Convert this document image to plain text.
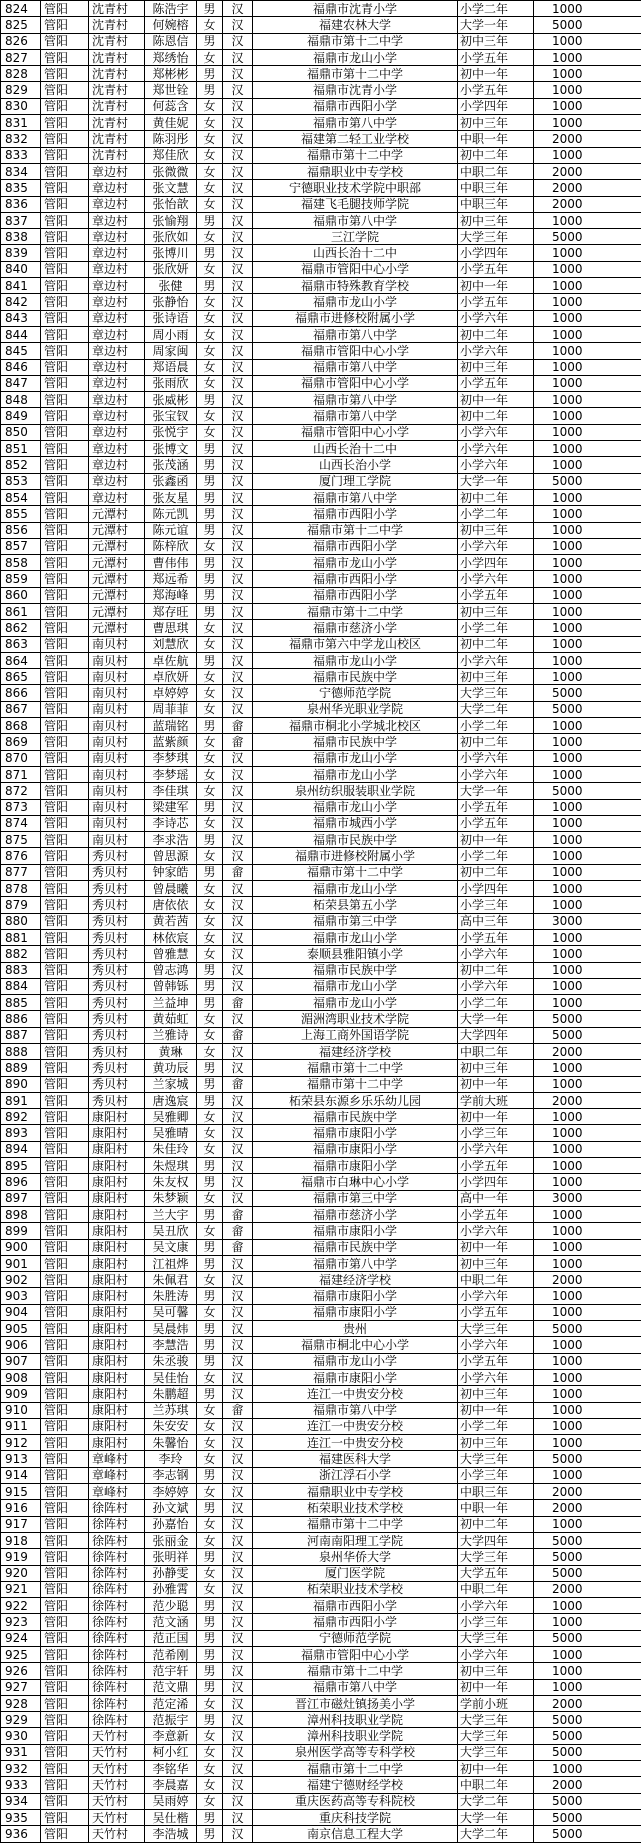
824	管阳	沈青村	陈浩宇	男	汉	福鼎市沈青小学	小学二年	1000
825	管阳	沈青村	何婉榕	女	汉	福建农林大学	大学一年	5000
826	管阳	沈青村	陈恩信	男	汉	福鼎市第十二中学	初中三年	1000
827	管阳	沈青村	郑绣怡	女	汉	福鼎市龙山小学	小学五年	1000
828	管阳	沈青村	郑彬彬	男	汉	福鼎市第十二中学	初中一年	1000
829	管阳	沈青村	郑世铨	男	汉	福鼎市沈青小学	小学五年	1000
830	管阳	沈青村	何蕊含	女	汉	福鼎市西阳小学	小学四年	1000
831	管阳	沈青村	黄佳妮	女	汉	福鼎市第八中学	初中三年	1000
832	管阳	沈青村	陈羽彤	女	汉	福建第二轻工业学校	中职一年	2000
833	管阳	沈青村	郑佳欣	女	汉	福鼎市第十二中学	初中二年	1000
834	管阳	章边村	张微微	女	汉	福鼎职业中专学校	中职二年	2000
835	管阳	章边村	张文慧	女	汉	宁德职业技术学院中职部	中职三年	2000
836	管阳	章边村	张怡歆	女	汉	福建飞毛腿技师学院	中职三年	2000
837	管阳	章边村	张愉翔	男	汉	福鼎市第八中学	初中三年	1000
838	管阳	章边村	张欣如	女	汉	三江学院	大学三年	5000
839	管阳	章边村	张博川	男	汉	山西长治十二中	小学四年	1000
840	管阳	章边村	张欣妍	女	汉	福鼎市管阳中心小学	小学五年	1000
841	管阳	章边村	张健	男	汉	福鼎市特殊教育学校	初中一年	1000
842	管阳	章边村	张静怡	女	汉	福鼎市龙山小学	小学五年	1000
843	管阳	章边村	张诗语	女	汉	福鼎市进修校附属小学	小学六年	1000
844	管阳	章边村	周小雨	女	汉	福鼎市第八中学	初中二年	1000
845	管阳	章边村	周家闽	女	汉	福鼎市管阳中心小学	小学六年	1000
846	管阳	章边村	郑语晨	女	汉	福鼎市第八中学	初中三年	1000
847	管阳	章边村	张雨欣	女	汉	福鼎市管阳中心小学	小学五年	1000
848	管阳	章边村	张威彬	男	汉	福鼎市第八中学	初中一年	1000
849	管阳	章边村	张宝钗	女	汉	福鼎市第八中学	初中二年	1000
850	管阳	章边村	张悦宇	女	汉	福鼎市管阳中心小学	小学六年	1000
851	管阳	章边村	张博文	男	汉	山西长治十二中	小学六年	1000
852	管阳	章边村	张茂涵	男	汉	山西长治小学	小学六年	1000
853	管阳	章边村	张鑫函	男	汉	厦门理工学院	大学一年	5000
854	管阳	章边村	张友星	男	汉	福鼎市第八中学	初中二年	1000
855	管阳	元潭村	陈元凯	男	汉	福鼎市西阳小学	小学二年	1000
856	管阳	元潭村	陈元谊	男	汉	福鼎市第十二中学	初中三年	1000
857	管阳	元潭村	陈梓欣	女	汉	福鼎市西阳小学	小学六年	1000
858	管阳	元潭村	曹伟伟	男	汉	福鼎市龙山小学	小学四年	1000
859	管阳	元潭村	郑远希	男	汉	福鼎市西阳小学	小学六年	1000
860	管阳	元潭村	郑海峰	男	汉	福鼎市西阳小学	小学五年	1000
861	管阳	元潭村	郑存旺	男	汉	福鼎市第十二中学	初中三年	1000
862	管阳	元潭村	曹思琪	女	汉	福鼎市慈济小学	小学二年	1000
863	管阳	南贝村	刘慧欣	女	汉	福鼎市第六中学龙山校区	初中二年	1000
864	管阳	南贝村	卓佐航	男	汉	福鼎市龙山小学	小学六年	1000
865	管阳	南贝村	卓欣妍	女	汉	福鼎市民族中学	初中三年	1000
866	管阳	南贝村	卓婷婷	女	汉	宁德师范学院	大学三年	5000
867	管阳	南贝村	周菲菲	女	汉	泉州华光职业学院	大学二年	5000
868	管阳	南贝村	蓝瑞铭	男	畲	福鼎市桐北小学城北校区	小学二年	1000
869	管阳	南贝村	蓝紫颜	女	畲	福鼎市民族中学	初中二年	1000
870	管阳	南贝村	李梦琪	女	汉	福鼎市龙山小学	小学六年	1000
871	管阳	南贝村	李梦瑶	女	汉	福鼎市龙山小学	小学六年	1000
872	管阳	南贝村	李佳琪	女	汉	泉州纺织服装职业学院	大学一年	5000
873	管阳	南贝村	梁建军	男	汉	福鼎市龙山小学	小学五年	1000
874	管阳	南贝村	李诗芯	女	汉	福鼎市城西小学	小学五年	1000
875	管阳	南贝村	李求浩	男	汉	福鼎市民族中学	初中一年	1000
876	管阳	秀贝村	曾思源	女	汉	福鼎市进修校附属小学	小学二年	1000
877	管阳	秀贝村	钟家皓	男	畲	福鼎市第十二中学	初中二年	1000
878	管阳	秀贝村	曾晨曦	女	汉	福鼎市龙山小学	小学四年	1000
879	管阳	秀贝村	唐依依	女	汉	柘荣县第五小学	小学三年	1000
880	管阳	秀贝村	黄若茜	女	汉	福鼎市第三中学	高中三年	3000
881	管阳	秀贝村	林依宸	女	汉	福鼎市龙山小学	小学五年	1000
882	管阳	秀贝村	曾雅慧	女	汉	泰顺县雅阳镇小学	小学六年	1000
883	管阳	秀贝村	曾志鸿	男	汉	福鼎市民族中学	初中二年	1000
884	管阳	秀贝村	曾韩铄	男	汉	福鼎市龙山小学	小学六年	1000
885	管阳	秀贝村	兰益坤	男	畲	福鼎市龙山小学	小学二年	1000
886	管阳	秀贝村	黄茹虹	女	汉	湄洲湾职业技术学院	大学一年	5000
887	管阳	秀贝村	兰雅诗	女	畲	上海工商外国语学院	大学四年	5000
888	管阳	秀贝村	黄琳	女	汉	福建经济学校	中职二年	2000
889	管阳	秀贝村	黄功辰	男	汉	福鼎市第十二中学	初中三年	1000
890	管阳	秀贝村	兰家城	男	畲	福鼎市第十二中学	初中一年	1000
891	管阳	秀贝村	唐逸宸	男	汉	柘荣县东源乡乐乐幼儿园	学前大班	2000
892	管阳	康阳村	吴雅卿	女	汉	福鼎市民族中学	初中一年	1000
893	管阳	康阳村	吴雅晴	女	汉	福鼎市康阳小学	小学三年	1000
894	管阳	康阳村	朱佳玲	女	汉	福鼎市康阳小学	小学六年	1000
895	管阳	康阳村	朱煜琪	男	汉	福鼎市康阳小学	小学五年	1000
896	管阳	康阳村	朱友权	男	汉	福鼎市白琳中心小学	小学四年	1000
897	管阳	康阳村	朱梦颖	女	汉	福鼎市第三中学	高中一年	3000
898	管阳	康阳村	兰大宇	男	畲	福鼎市慈济小学	小学五年	1000
899	管阳	康阳村	吴丑欣	女	畲	福鼎市康阳小学	小学六年	1000
900	管阳	康阳村	吴文康	男	畲	福鼎市民族中学	初中一年	1000
901	管阳	康阳村	江祖烨	男	汉	福鼎市第八中学	初中三年	1000
902	管阳	康阳村	朱佩君	女	汉	福建经济学校	中职二年	2000
903	管阳	康阳村	朱胜涛	男	汉	福鼎市康阳小学	小学六年	1000
904	管阳	康阳村	吴可馨	女	汉	福鼎市康阳小学	小学五年	1000
905	管阳	康阳村	吴晨炜	男	汉	贵州	大学三年	5000
906	管阳	康阳村	李慧浩	男	汉	福鼎市桐北中心小学	小学六年	1000
907	管阳	康阳村	朱丞骏	男	汉	福鼎市龙山小学	小学五年	1000
908	管阳	康阳村	吴佳怡	女	汉	福鼎市康阳小学	小学六年	1000
909	管阳	康阳村	朱鹏超	男	汉	连江一中贵安分校	初中三年	1000
910	管阳	康阳村	兰苏琪	女	畲	福鼎市第八中学	初中一年	1000
911	管阳	康阳村	朱安安	女	汉	连江一中贵安分校	小学二年	1000
912	管阳	康阳村	朱馨怡	女	汉	连江一中贵安分校	初中三年	1000
913	管阳	章峰村	李玲	女	汉	福建医科大学	大学三年	5000
914	管阳	章峰村	李志钢	男	汉	浙江浮石小学	小学三年	1000
915	管阳	章峰村	李婷婷	女	汉	福鼎职业中专学校	中职三年	2000
916	管阳	徐阵村	孙文斌	男	汉	柘荣职业技术学校	中职一年	2000
917	管阳	徐阵村	孙嘉怡	女	汉	福鼎市第十二中学	初中二年	1000
918	管阳	徐阵村	张丽金	女	汉	河南南阳理工学院	大学四年	5000
919	管阳	徐阵村	张明祥	男	汉	泉州华侨大学	大学三年	5000
920	管阳	徐阵村	孙静雯	女	汉	厦门医学院	大学五年	5000
921	管阳	徐阵村	孙雅霄	女	汉	柘荣职业技术学校	中职二年	2000
922	管阳	徐阵村	范少聪	男	汉	福鼎市西阳小学	小学六年	1000
923	管阳	徐阵村	范文涵	男	汉	福鼎市西阳小学	小学三年	1000
924	管阳	徐阵村	范正国	男	汉	宁德师范学院	大学三年	5000
925	管阳	徐阵村	范希刚	男	汉	福鼎市管阳中心小学	小学六年	1000
926	管阳	徐阵村	范宇轩	男	汉	福鼎市第十二中学	初中三年	1000
927	管阳	徐阵村	范文鼎	男	汉	福鼎市第八中学	初中一年	1000
928	管阳	徐阵村	范定浠	女	汉	晋江市磁灶镇扬美小学	学前小班	2000
929	管阳	徐阵村	范振宇	男	汉	漳州科技职业学院	大学三年	5000
930	管阳	天竹村	李意新	女	汉	漳州科技职业学院	大学三年	5000
931	管阳	天竹村	柯小红	女	汉	泉州医学高等专科学校	大学三年	5000
932	管阳	天竹村	李铭华	女	汉	福鼎市第十二中学	初中一年	1000
933	管阳	天竹村	李晨嘉	女	汉	福建宁德财经学校	中职二年	2000
934	管阳	天竹村	吴雨婷	女	汉	重庆医药高等专科院校	大学二年	5000
935	管阳	天竹村	吴仕楷	男	汉	重庆科技学院	大学一年	5000
936	管阳	天竹村	李浩城	男	汉	南京信息工程大学	大学二年	5000
